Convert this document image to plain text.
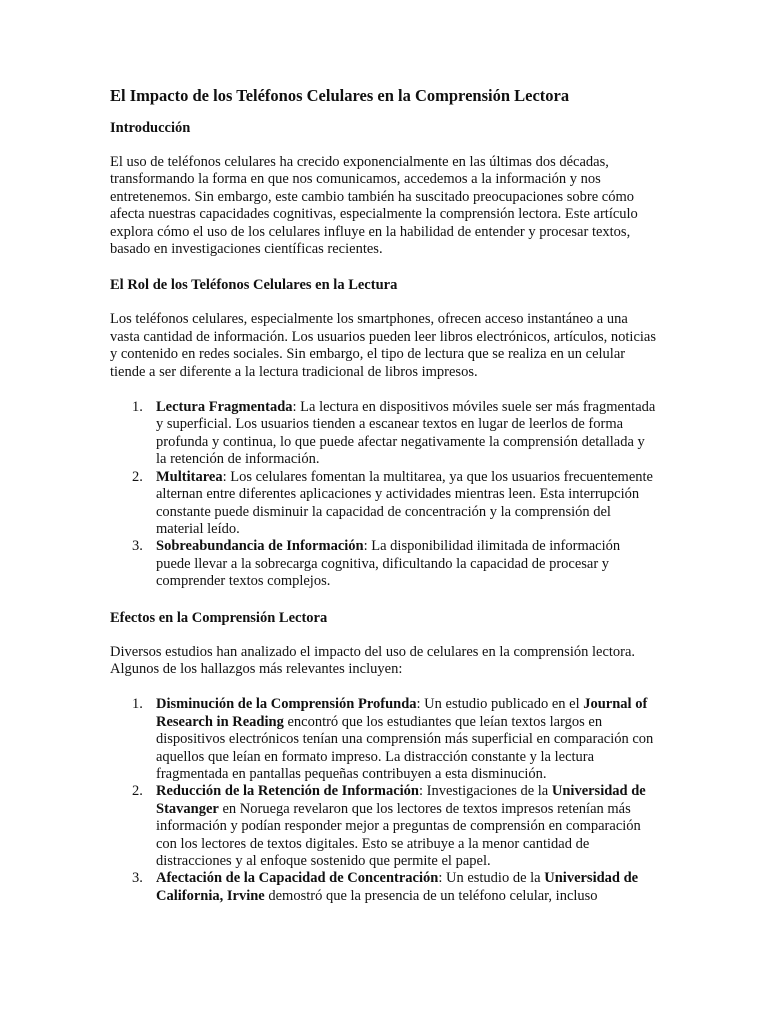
El Impacto de los Teléfonos Celulares en la Comprensión Lectora
Introducción

El uso de teléfonos celulares ha crecido exponencialmente en las últimas dos décadas, transformando la forma en que nos comunicamos, accedemos a la información y nos entretenemos. Sin embargo, este cambio también ha suscitado preocupaciones sobre cómo afecta nuestras capacidades cognitivas, especialmente la comprensión lectora. Este artículo explora cómo el uso de los celulares influye en la habilidad de entender y procesar textos, basado en investigaciones científicas recientes.

El Rol de los Teléfonos Celulares en la Lectura

Los teléfonos celulares, especialmente los smartphones, ofrecen acceso instantáneo a una vasta cantidad de información. Los usuarios pueden leer libros electrónicos, artículos, noticias y contenido en redes sociales. Sin embargo, el tipo de lectura que se realiza en un celular tiende a ser diferente a la lectura tradicional de libros impresos.

1. Lectura Fragmentada: La lectura en dispositivos móviles suele ser más fragmentada y superficial. Los usuarios tienden a escanear textos en lugar de leerlos de forma profunda y continua, lo que puede afectar negativamente la comprensión detallada y la retención de información.
2. Multitarea: Los celulares fomentan la multitarea, ya que los usuarios frecuentemente alternan entre diferentes aplicaciones y actividades mientras leen. Esta interrupción constante puede disminuir la capacidad de concentración y la comprensión del material leído.
3. Sobreabundancia de Información: La disponibilidad ilimitada de información puede llevar a la sobrecarga cognitiva, dificultando la capacidad de procesar y comprender textos complejos.
Efectos en la Comprensión Lectora

Diversos estudios han analizado el impacto del uso de celulares en la comprensión lectora. Algunos de los hallazgos más relevantes incluyen:

1. Disminución de la Comprensión Profunda: Un estudio publicado en el Journal of Research in Reading encontró que los estudiantes que leían textos largos en dispositivos electrónicos tenían una comprensión más superficial en comparación con aquellos que leían en formato impreso. La distracción constante y la lectura fragmentada en pantallas pequeñas contribuyen a esta disminución.
2. Reducción de la Retención de Información: Investigaciones de la Universidad de Stavanger en Noruega revelaron que los lectores de textos impresos retenían más información y podían responder mejor a preguntas de comprensión en comparación con los lectores de textos digitales. Esto se atribuye a la menor cantidad de distracciones y al enfoque sostenido que permite el papel.
3. Afectación de la Capacidad de Concentración: Un estudio de la Universidad de California, Irvine demostró que la presencia de un teléfono celular, incluso
